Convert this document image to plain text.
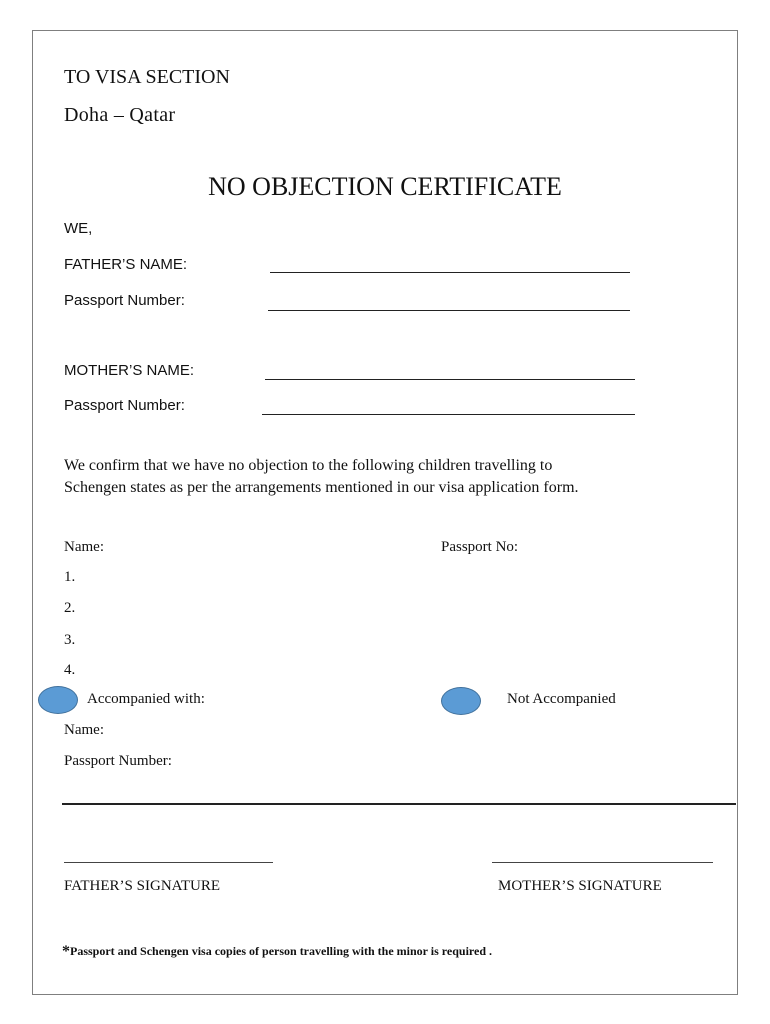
TO VISA SECTION
Doha – Qatar
NO OBJECTION CERTIFICATE
WE,
FATHER’S NAME:
Passport Number:
MOTHER’S NAME:
Passport Number:
We confirm that we have no objection to the following children travelling to
Schengen states as per the arrangements mentioned in our visa application form.
Name:	Passport No:
1.
2.
3.
4.
Accompanied with:	Not Accompanied
Name:
Passport Number:
FATHER’S SIGNATURE	MOTHER’S SIGNATURE
*Passport and Schengen visa copies of person travelling with the minor is required .
